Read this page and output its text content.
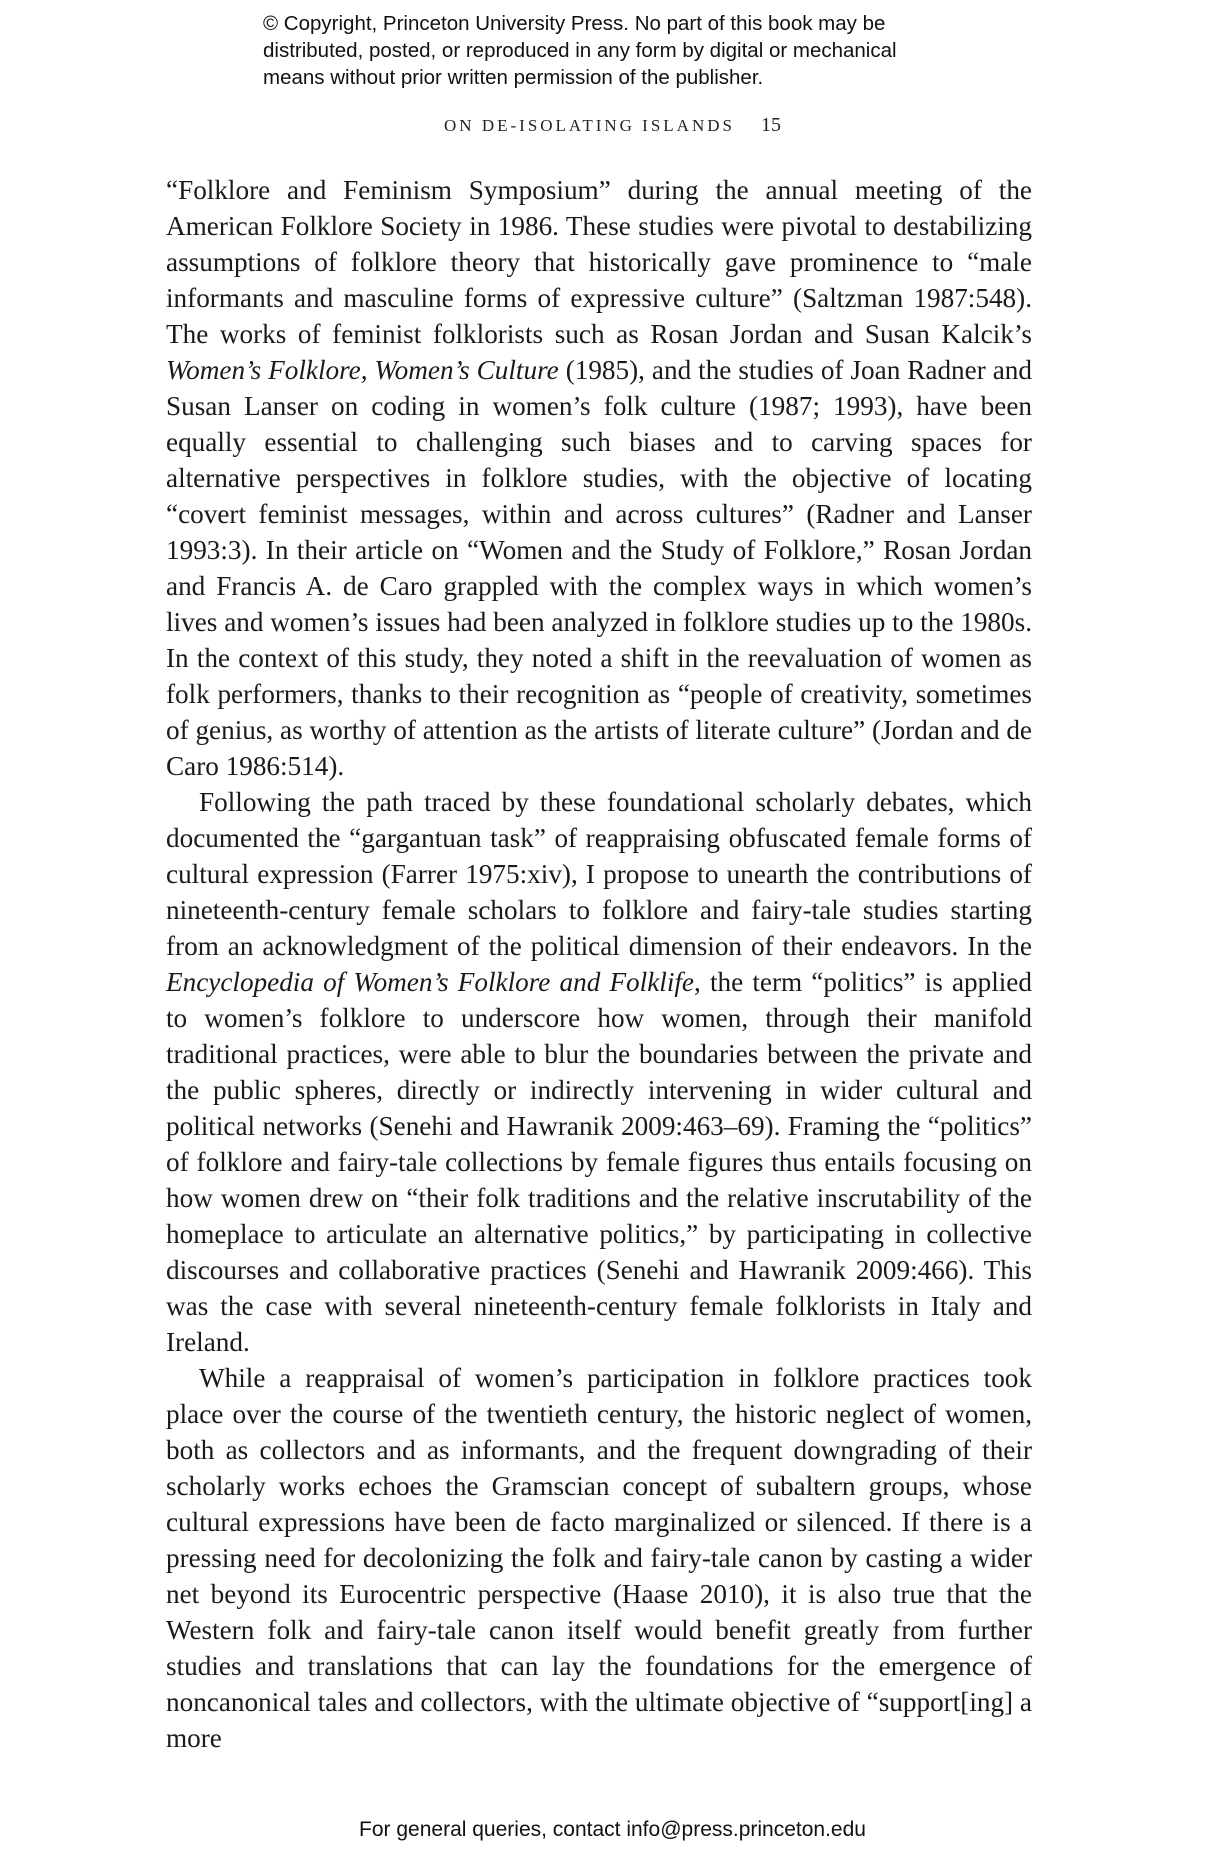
© Copyright, Princeton University Press. No part of this book may be
distributed, posted, or reproduced in any form by digital or mechanical
means without prior written permission of the publisher.
ON DE-ISOLATING ISLANDS 15

“Folklore and Feminism Symposium” during the annual meeting of the American Folklore Society in 1986. These studies were pivotal to destabilizing assumptions of folklore theory that historically gave prominence to “male informants and masculine forms of expressive culture” (Saltzman 1987:548). The works of feminist folklorists such as Rosan Jordan and Susan Kalcik’s Women’s Folklore, Women’s Culture (1985), and the studies of Joan Radner and Susan Lanser on coding in women’s folk culture (1987; 1993), have been equally essential to challenging such biases and to carving spaces for alternative perspectives in folklore studies, with the objective of locating “covert feminist messages, within and across cultures” (Radner and Lanser 1993:3). In their article on “Women and the Study of Folklore,” Rosan Jordan and Francis A. de Caro grappled with the complex ways in which women’s lives and women’s issues had been analyzed in folklore studies up to the 1980s. In the context of this study, they noted a shift in the reevaluation of women as folk performers, thanks to their recognition as “people of creativity, sometimes of genius, as worthy of attention as the artists of literate culture” (Jordan and de Caro 1986:514).

Following the path traced by these foundational scholarly debates, which documented the “gargantuan task” of reappraising obfuscated female forms of cultural expression (Farrer 1975:xiv), I propose to unearth the contributions of nineteenth-century female scholars to folklore and fairy-tale studies starting from an acknowledgment of the political dimension of their endeavors. In the Encyclopedia of Women’s Folklore and Folklife, the term “politics” is applied to women’s folklore to underscore how women, through their manifold traditional practices, were able to blur the boundaries between the private and the public spheres, directly or indirectly intervening in wider cultural and political networks (Senehi and Hawranik 2009:463–69). Framing the “politics” of folklore and fairy-tale collections by female figures thus entails focusing on how women drew on “their folk traditions and the relative inscrutability of the homeplace to articulate an alternative politics,” by participating in collective discourses and collaborative practices (Senehi and Hawranik 2009:466). This was the case with several nineteenth-century female folklorists in Italy and Ireland.

While a reappraisal of women’s participation in folklore practices took place over the course of the twentieth century, the historic neglect of women, both as collectors and as informants, and the frequent downgrading of their scholarly works echoes the Gramscian concept of subaltern groups, whose cultural expressions have been de facto marginalized or silenced. If there is a pressing need for decolonizing the folk and fairy-tale canon by casting a wider net beyond its Eurocentric perspective (Haase 2010), it is also true that the Western folk and fairy-tale canon itself would benefit greatly from further studies and translations that can lay the foundations for the emergence of noncanonical tales and collectors, with the ultimate objective of “support[ing] a more

For general queries, contact info@press.princeton.edu
